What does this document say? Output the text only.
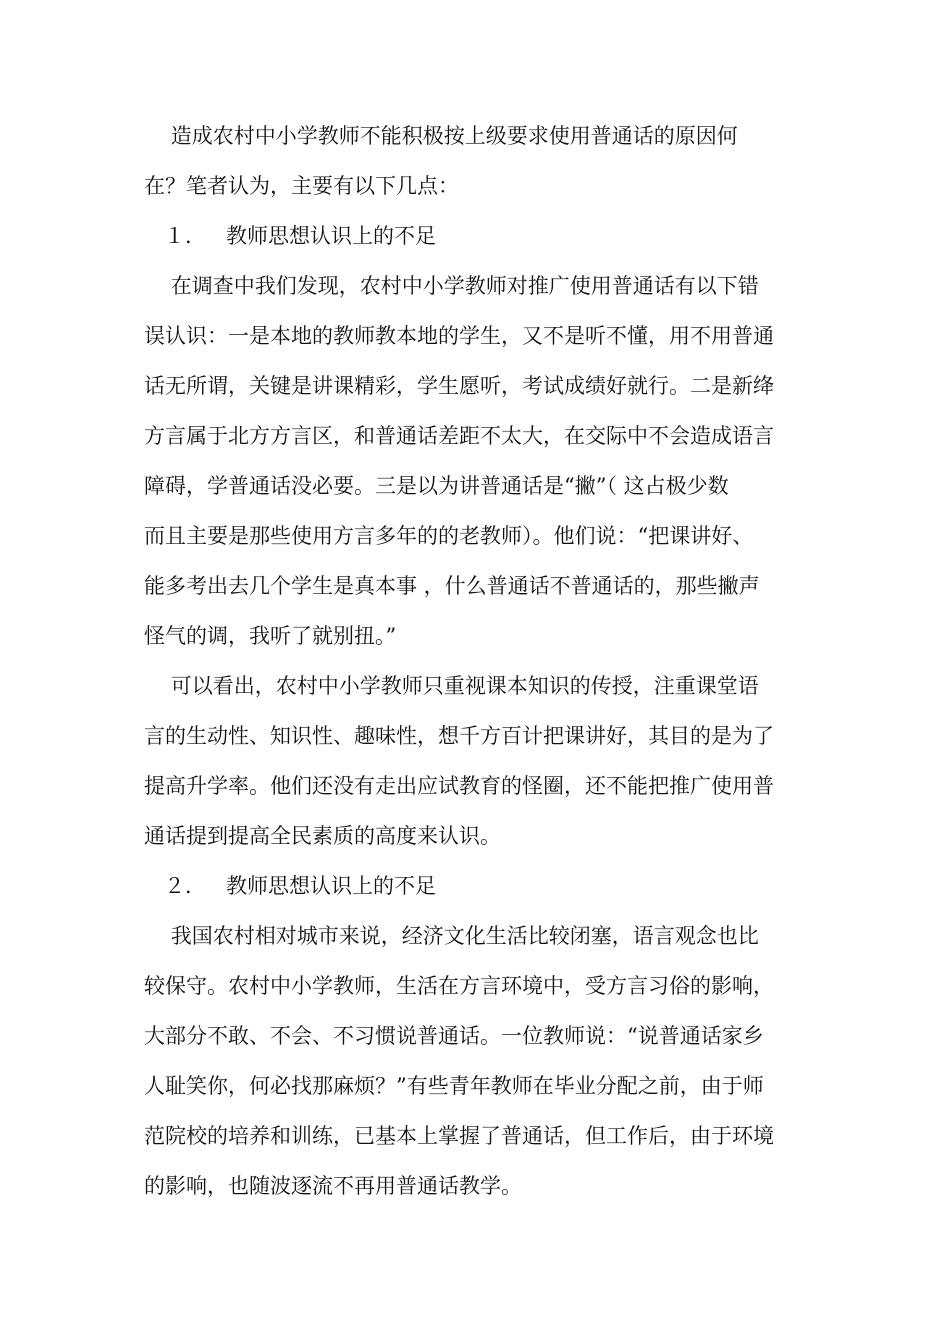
造成农村中小学教师不能积极按上级要求使用普通话的原因何
在？笔者认为，主要有以下几点：
１．   教师思想认识上的不足
在调查中我们发现，农村中小学教师对推广使用普通话有以下错
误认识：一是本地的教师教本地的学生，又不是听不懂，用不用普通
话无所谓，关键是讲课精彩，学生愿听，考试成绩好就行。二是新绛
方言属于北方方言区，和普通话差距不太大，在交际中不会造成语言
障碍，学普通话没必要。三是以为讲普通话是“撇”（ 这占极少数
而且主要是那些使用方言多年的的老教师）。他们说：“把课讲好、
能多考出去几个学生是真本事 ，什么普通话不普通话的，那些撇声
怪气的调，我听了就别扭。”
可以看出，农村中小学教师只重视课本知识的传授，注重课堂语
言的生动性、知识性、趣味性，想千方百计把课讲好，其目的是为了
提高升学率。他们还没有走出应试教育的怪圈，还不能把推广使用普
通话提到提高全民素质的高度来认识。
２．   教师思想认识上的不足
我国农村相对城市来说，经济文化生活比较闭塞，语言观念也比
较保守。农村中小学教师，生活在方言环境中，受方言习俗的影响，
大部分不敢、不会、不习惯说普通话。一位教师说：“说普通话家乡
人耻笑你，何必找那麻烦？”有些青年教师在毕业分配之前，由于师
范院校的培养和训练，已基本上掌握了普通话，但工作后，由于环境
的影响，也随波逐流不再用普通话教学。
